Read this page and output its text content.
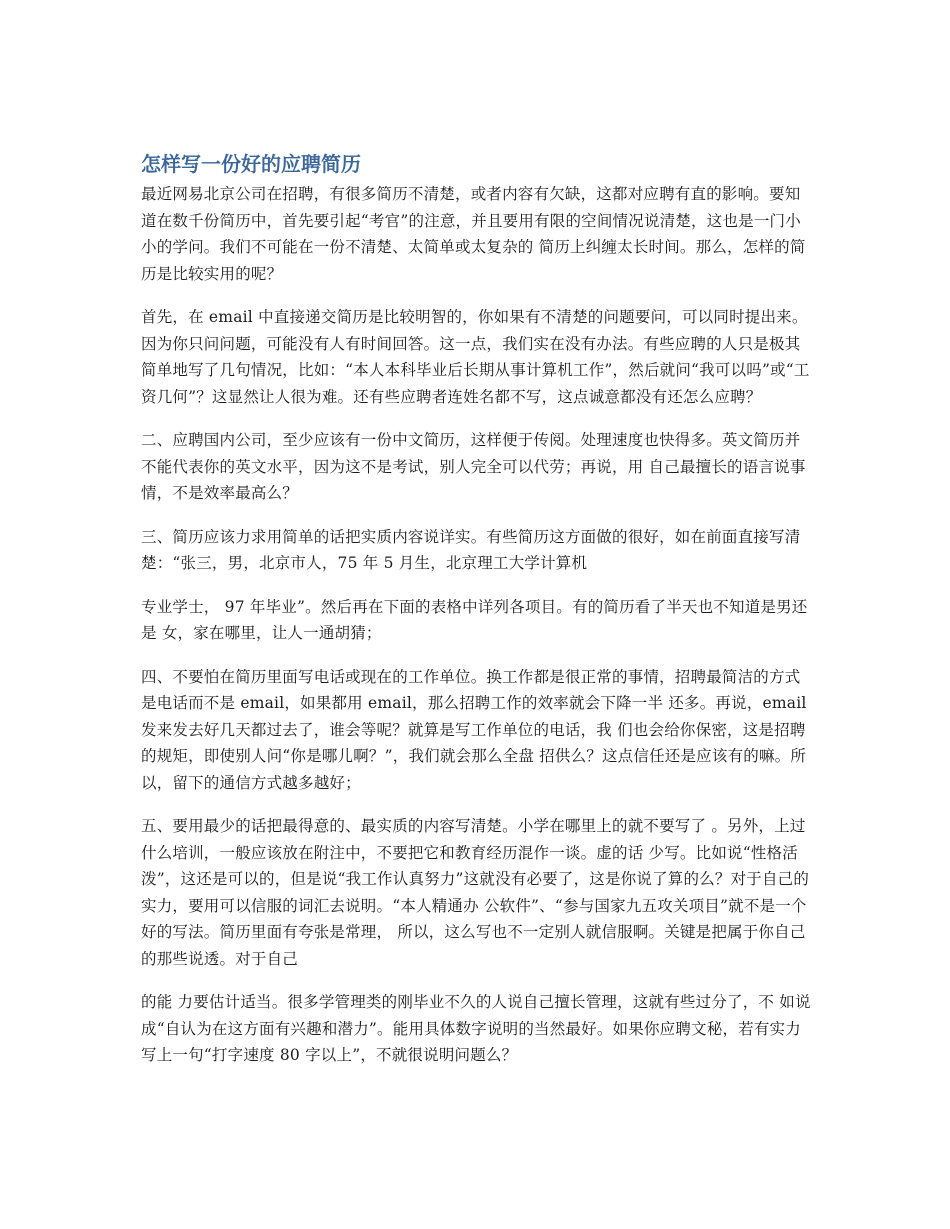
怎样写一份好的应聘简历

最近网易北京公司在招聘，有很多简历不清楚，或者内容有欠缺，这都对应聘有直的影响。要知道在数千份简历中，首先要引起“考官”的注意，并且要用有限的空间情况说清楚，这也是一门小小的学问。我们不可能在一份不清楚、太简单或太复杂的 简历上纠缠太长时间。那么，怎样的简历是比较实用的呢？

首先，在 email 中直接递交简历是比较明智的，你如果有不清楚的问题要问，可以同时提出来。因为你只问问题，可能没有人有时间回答。这一点，我们实在没有办法。有些应聘的人只是极其简单地写了几句情况，比如：“本人本科毕业后长期从事计算机工作”，然后就问“我可以吗”或“工资几何”？这显然让人很为难。还有些应聘者连姓名都不写，这点诚意都没有还怎么应聘？

二、应聘国内公司，至少应该有一份中文简历，这样便于传阅。处理速度也快得多。英文简历并不能代表你的英文水平，因为这不是考试，别人完全可以代劳；再说，用 自己最擅长的语言说事情，不是效率最高么？

三、简历应该力求用简单的话把实质内容说详实。有些简历这方面做的很好，如在前面直接写清楚：“张三，男，北京市人，75 年 5 月生，北京理工大学计算机

专业学士， 97 年毕业”。然后再在下面的表格中详列各项目。有的简历看了半天也不知道是男还是 女，家在哪里，让人一通胡猜；

四、不要怕在简历里面写电话或现在的工作单位。换工作都是很正常的事情，招聘最简洁的方式是电话而不是 email，如果都用 email，那么招聘工作的效率就会下降一半 还多。再说，email 发来发去好几天都过去了，谁会等呢？就算是写工作单位的电话，我 们也会给你保密，这是招聘的规矩，即使别人问“你是哪儿啊？”，我们就会那么全盘 招供么？这点信任还是应该有的嘛。所以，留下的通信方式越多越好；

五、要用最少的话把最得意的、最实质的内容写清楚。小学在哪里上的就不要写了 。另外，上过什么培训，一般应该放在附注中，不要把它和教育经历混作一谈。虚的话 少写。比如说“性格活泼”，这还是可以的，但是说“我工作认真努力”这就没有必要了，这是你说了算的么？对于自己的实力，要用可以信服的词汇去说明。“本人精通办 公软件”、“参与国家九五攻关项目”就不是一个好的写法。简历里面有夸张是常理， 所以，这么写也不一定别人就信服啊。关键是把属于你自己的那些说透。对于自己

的能 力要估计适当。很多学管理类的刚毕业不久的人说自己擅长管理，这就有些过分了，不 如说成“自认为在这方面有兴趣和潜力”。能用具体数字说明的当然最好。如果你应聘文秘，若有实力写上一句“打字速度 80 字以上”，不就很说明问题么？
